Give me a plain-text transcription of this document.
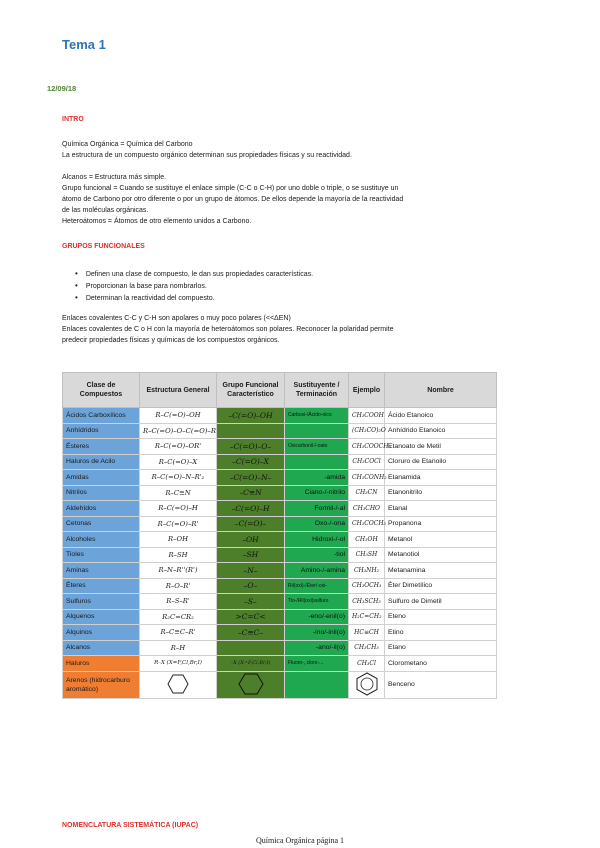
Tema 1
12/09/18
INTRO
Química Orgánica = Química del Carbono
La estructura de un compuesto orgánico determinan sus propiedades físicas y su reactividad.

Alcanos = Estructura más simple.
Grupo funcional = Cuando se sustituye el enlace simple (C-C o C-H) por uno doble o triple, o se sustituye un
átomo de Carbono por otro diferente o por un grupo de átomos. De ellos depende la mayoría de la reactividad
de las moléculas orgánicas.
Heteroátomos = Átomos de otro elemento unidos a Carbono.
GRUPOS FUNCIONALES
• Definen una clase de compuesto, le dan sus propiedades características.
• Proporcionan la base para nombrarlos.
• Determinan la reactividad del compuesto.
Enlaces covalentes C-C y C-H son apolares o muy poco polares (<<ΔEN)
Enlaces covalentes de C o H con la mayoría de heteroátomos son polares. Reconocer la polaridad permite
predecir propiedades físicas y químicas de los compuestos orgánicos.
Clase de Compuestos	Estructura General	Grupo Funcional Característico	Sustituyente / Terminación	Ejemplo	Nombre
Ácidos Carboxílicos	R–C(=O)–OH	–C(=O)–OH	Carboxi-/Ácido-oico	CH₃COOH	Ácido Etanoico
Anhídridos	R–C(=O)–O–C(=O)–R			(CH₃CO)₂O	Anhídrido Etanoico
Ésteres	R–C(=O)–OR'	–C(=O)–O–	Oxicarbonil-/-oato	CH₃COOCH₃	Etanoato de Metil
Haluros de Acilo	R–C(=O)–X	–C(=O)–X		CH₃COCl	Cloruro de Etanoilo
Amidas	R–C(=O)–N–R'₂	–C(=O)–N–	-amida	CH₃CONH₂	Etanamida
Nitrilos	R–C≡N	–C≡N	Ciano-/-nitrilo	CH₃CN	Etanonitrilo
Aldehídos	R–C(=O)–H	–C(=O)–H	Formil-/-al	CH₃CHO	Etanal
Cetonas	R–C(=O)–R'	–C(=O)–	Oxo-/-ona	CH₃COCH₃	Propanona
Alcoholes	R–OH	–OH	Hidroxi-/-ol	CH₃OH	Metanol
Tioles	R–SH	–SH	-tiol	CH₃SH	Metanotiol
Aminas	R–N–R''(R')	–N–	Amino-/-amina	CH₃NH₂	Metanamina
Éteres	R–O–R'	–O–	Ril(oxi)-/Éter/-oxi-	CH₃OCH₃	Éter Dimetílico
Sulfuros	R–S–R'	–S–	Tio-/Ril(oxi)sulfuro	CH₃SCH₃	Sulfuro de Dimetil
Alquenos	R₂C=CR₂	>C=C<	-eno/-enil(o)	H₂C=CH₂	Eteno
Alquinos	R–C≡C–R'	–C≡C–	-ino/-inil(o)	HC≡CH	Etino
Alcanos	R–H		-ano/-il(o)	CH₃CH₃	Etano
Haluros	R–X (X=F,Cl,Br,I)	–X (X=F,Cl,Br,I)	Fluoro-, cloro-...	CH₃Cl	Clorometano
Arenos (hidrocarburo aromático)					Benceno
NOMENCLATURA SISTEMÁTICA (IUPAC)
Química Orgánica página 1
